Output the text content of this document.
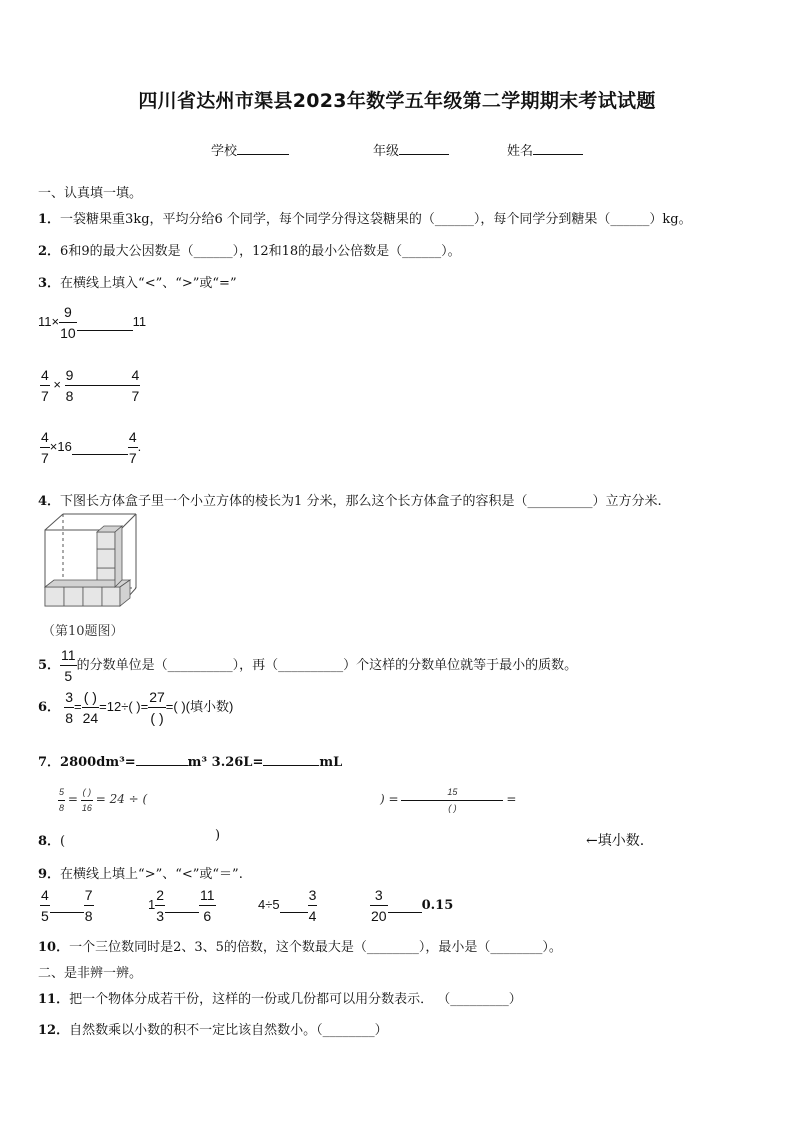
四川省达州市渠县2023年数学五年级第二学期期末考试试题
学校	年级	姓名
一、认真填一填。
1．一袋糖果重3kg，平均分给6 个同学，每个同学分得这袋糖果的（______），每个同学分到糖果（______）kg。
2．6和9的最大公因数是（______），12和18的最小公倍数是（______）。
3．在横线上填入“<”、“>”或“=”
$11\times \frac{9}{10}$	11
$\frac{4}{7} \times \frac{9}{8}$	$\frac{4}{7}$
$\frac{4}{7} \times 16$	$\frac{4}{7}$ .
4．下图长方体盒子里一个小立方体的棱长为1 分米，那么这个长方体盒子的容积是（__________）立方分米.
（第10题图）
5． $\frac{11}{5}$ 的分数单位是（__________），再（__________）个这样的分数单位就等于最小的质数。
6． $\frac{3}{8} = \frac{( )}{24} =12\div$( )= $\frac{27}{( )}$ =( )(填小数)
7．2800dm³=	m³ 3.26L=	mL
$\frac{5}{8} = \frac{( )}{16} = 24$ ÷ (	) = $\frac{15}{( )}$ =
8．(	)	←填小数.
9．在横线上填上“>”、“<”或“＝”.
$\frac{4}{5} \frac{7}{8}$	$1 \frac{2}{3} \frac{11}{6}$	$4\div 5 \frac{3}{4}$	$\frac{3}{20}$	0.15
10．一个三位数同时是2、3、5的倍数，这个数最大是（________），最小是（________）。
二、是非辨一辨。
11．把一个物体分成若干份，这样的一份或几份都可以用分数表示． （_________）
12．自然数乘以小数的积不一定比该自然数小。（________）
